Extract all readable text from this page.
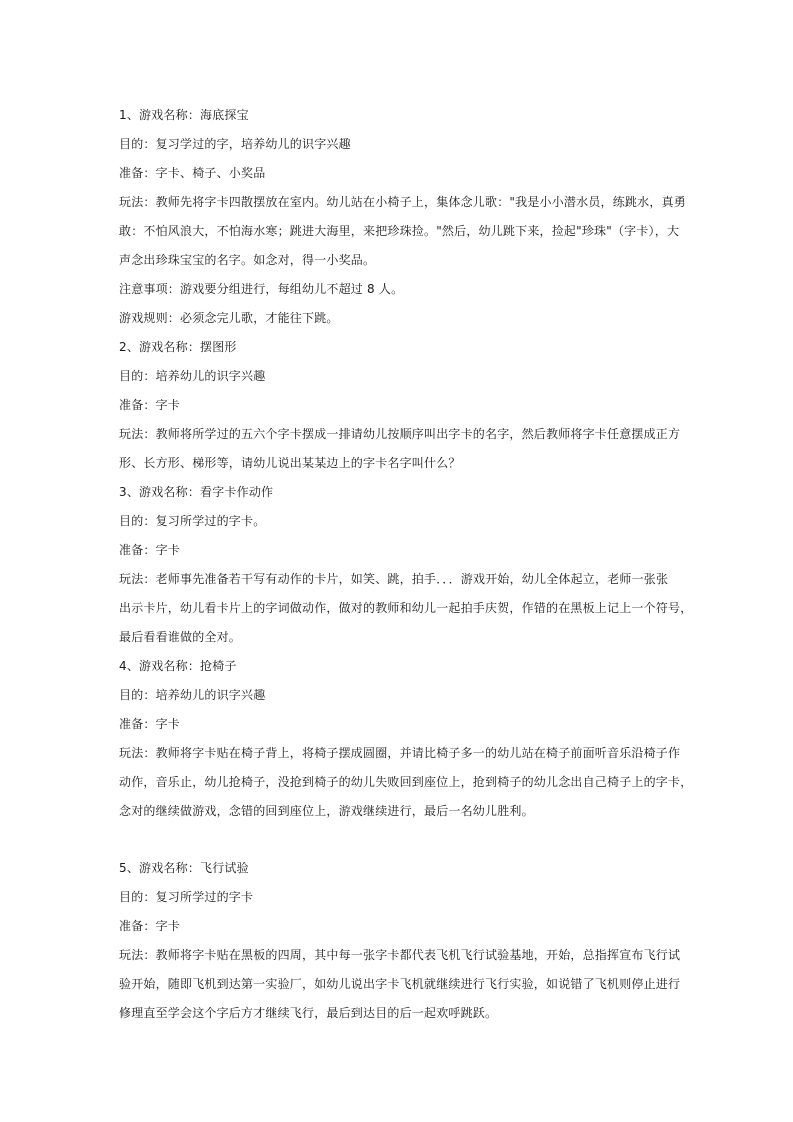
1、游戏名称：海底探宝
目的：复习学过的字，培养幼儿的识字兴趣
准备：字卡、椅子、小奖品
玩法：教师先将字卡四散摆放在室内。幼儿站在小椅子上，集体念儿歌："我是小小潜水员，练跳水，真勇
敢：不怕风浪大，不怕海水寒；跳进大海里，来把珍珠捡。"然后，幼儿跳下来，捡起"珍珠"（字卡），大
声念出珍珠宝宝的名字。如念对，得一小奖品。
注意事项：游戏要分组进行，每组幼儿不超过 8 人。
游戏规则：必须念完儿歌，才能往下跳。
2、游戏名称：摆图形
目的：培养幼儿的识字兴趣
准备：字卡
玩法：教师将所学过的五六个字卡摆成一排请幼儿按顺序叫出字卡的名字，然后教师将字卡任意摆成正方
形、长方形、梯形等，请幼儿说出某某边上的字卡名字叫什么？
3、游戏名称：看字卡作动作
目的：复习所学过的字卡。
准备：字卡
玩法：老师事先准备若干写有动作的卡片，如笑、跳，拍手．．．游戏开始，幼儿全体起立，老师一张张
出示卡片，幼儿看卡片上的字词做动作，做对的教师和幼儿一起拍手庆贺，作错的在黑板上记上一个符号，
最后看看谁做的全对。
4、游戏名称：抢椅子
目的：培养幼儿的识字兴趣
准备：字卡
玩法：教师将字卡贴在椅子背上，将椅子摆成圆圈，并请比椅子多一的幼儿站在椅子前面听音乐沿椅子作
动作，音乐止，幼儿抢椅子，没抢到椅子的幼儿失败回到座位上，抢到椅子的幼儿念出自己椅子上的字卡，
念对的继续做游戏，念错的回到座位上，游戏继续进行，最后一名幼儿胜利。
5、游戏名称：飞行试验
目的：复习所学过的字卡
准备：字卡
玩法：教师将字卡贴在黑板的四周，其中每一张字卡都代表飞机飞行试验基地，开始，总指挥宣布飞行试
验开始，随即飞机到达第一实验厂，如幼儿说出字卡飞机就继续进行飞行实验，如说错了飞机则停止进行
修理直至学会这个字后方才继续飞行，最后到达目的后一起欢呼跳跃。
